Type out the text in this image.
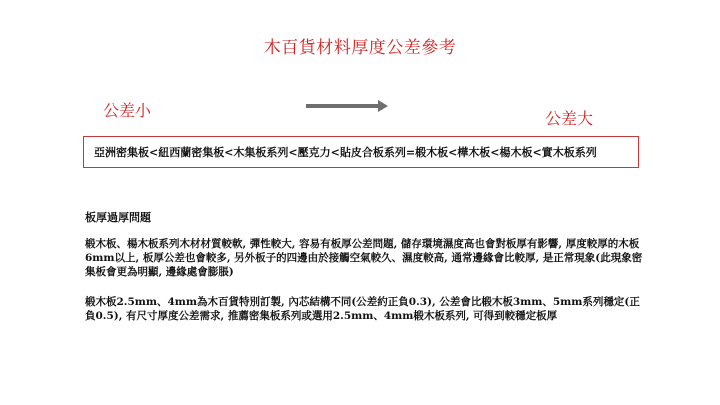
木百貨材料厚度公差參考
公差小	公差大
亞洲密集板<紐西蘭密集板<木集板系列<壓克力<貼皮合板系列=椴木板<樺木板<楊木板<實木板系列
板厚過厚問題

椴木板、楊木板系列木材材質較軟, 彈性較大, 容易有板厚公差問題, 儲存環境濕度高也會對板厚有影響, 厚度較厚的木板6mm以上, 板厚公差也會較多, 另外板子的四邊由於接觸空氣較久、濕度較高, 通常邊緣會比較厚, 是正常現象(此現象密集板會更為明顯, 邊緣處會膨脹)

椴木板2.5mm、4mm為木百貨特別訂製, 內芯結構不同(公差約正負0.3), 公差會比椴木板3mm、5mm系列穩定(正負0.5), 有尺寸厚度公差需求, 推薦密集板系列或選用2.5mm、4mm椴木板系列, 可得到較穩定板厚
